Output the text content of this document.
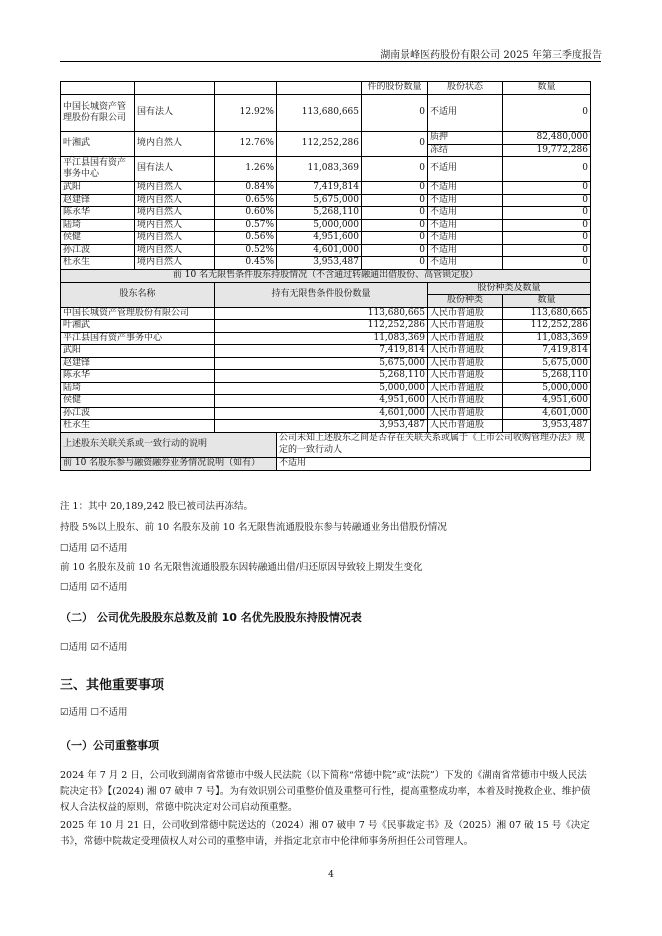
湖南景峰医药股份有限公司 2025 年第三季度报告
				件的股份数量	股份状态	数量
中国长城资产管理股份有限公司	国有法人	12.92%	113,680,665	0	不适用	0
叶湘武	境内自然人	12.76%	112,252,286	0	质押	82,480,000
					冻结	19,772,286
平江县国有资产事务中心	国有法人	1.26%	11,083,369	0	不适用	0
武阳	境内自然人	0.84%	7,419,814	0	不适用	0
赵建锋	境内自然人	0.65%	5,675,000	0	不适用	0
陈永华	境内自然人	0.60%	5,268,110	0	不适用	0
陆琦	境内自然人	0.57%	5,000,000	0	不适用	0
侯健	境内自然人	0.56%	4,951,600	0	不适用	0
孙江波	境内自然人	0.52%	4,601,000	0	不适用	0
杜永生	境内自然人	0.45%	3,953,487	0	不适用	0
前 10 名无限售条件股东持股情况（不含通过转融通出借股份、高管锁定股）						
股东名称		持有无限售条件股份数量			股份种类及数量	
					股份种类	数量
中国长城资产管理股份有限公司		113,680,665			人民币普通股	113,680,665
叶湘武		112,252,286			人民币普通股	112,252,286
平江县国有资产事务中心		11,083,369			人民币普通股	11,083,369
武阳		7,419,814			人民币普通股	7,419,814
赵建锋		5,675,000			人民币普通股	5,675,000
陈永华		5,268,110			人民币普通股	5,268,110
陆琦		5,000,000			人民币普通股	5,000,000
侯健		4,951,600			人民币普通股	4,951,600
孙江波		4,601,000			人民币普通股	4,601,000
杜永生		3,953,487			人民币普通股	3,953,487
上述股东关联关系或一致行动的说明			公司未知上述股东之间是否存在关联关系或属于《上市公司收购管理办法》规定的一致行动人			
前 10 名股东参与融资融券业务情况说明（如有）			不适用			

注 1：其中 20,189,242 股已被司法再冻结。

持股 5%以上股东、前 10 名股东及前 10 名无限售流通股股东参与转融通业务出借股份情况

☐适用 ☑不适用

前 10 名股东及前 10 名无限售流通股股东因转融通出借/归还原因导致较上期发生变化

☐适用 ☑不适用

（二） 公司优先股股东总数及前 10 名优先股股东持股情况表

☐适用 ☑不适用

三、其他重要事项

☑适用 ☐不适用

（一）公司重整事项

2024 年 7 月 2 日，公司收到湖南省常德市中级人民法院（以下简称“常德中院”或“法院”）下发的《湖南省常德市中级人民法院决定书》【(2024) 湘 07 破申 7 号】。为有效识别公司重整价值及重整可行性，提高重整成功率，本着及时挽救企业、维护债权人合法权益的原则，常德中院决定对公司启动预重整。

2025 年 10 月 21 日，公司收到常德中院送达的（2024）湘 07 破申 7 号《民事裁定书》及（2025）湘 07 破 15 号《决定书》，常德中院裁定受理债权人对公司的重整申请，并指定北京市中伦律师事务所担任公司管理人。

4
